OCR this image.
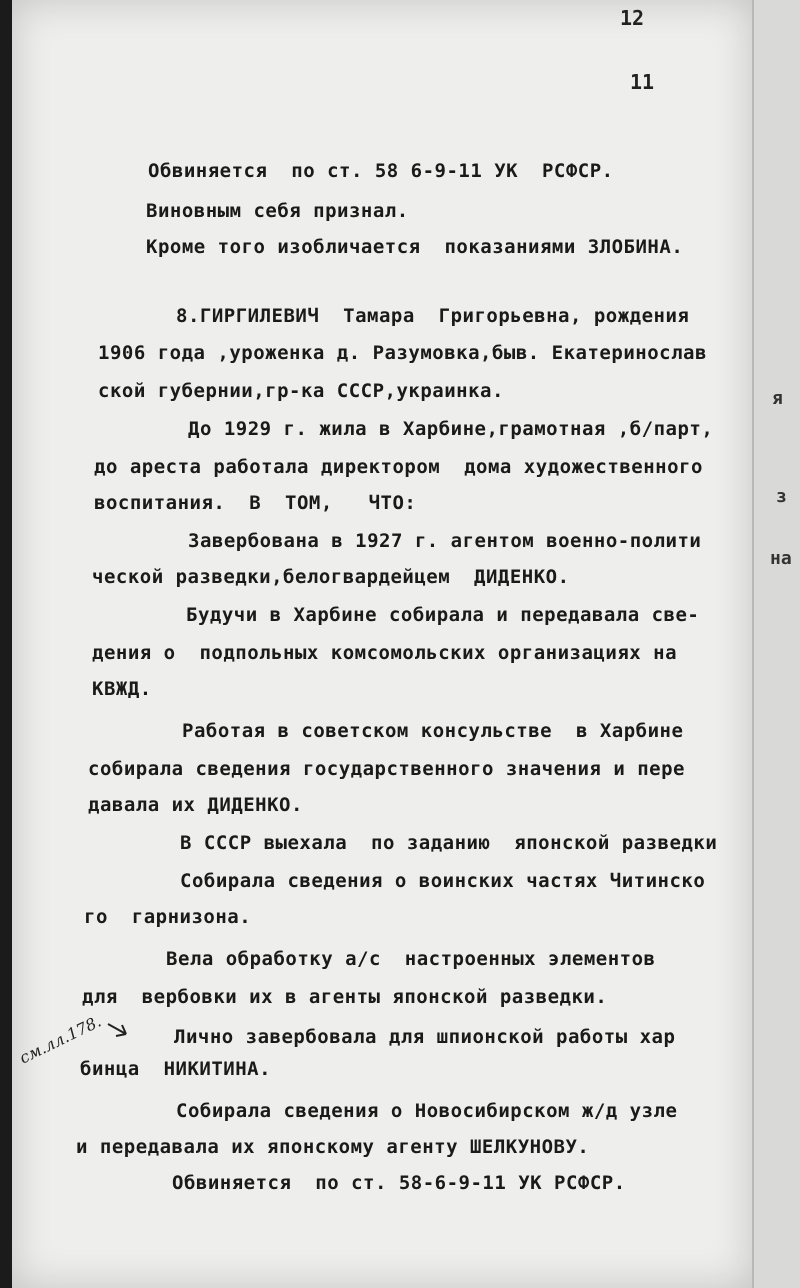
12
11
Обвиняется  по ст. 58 6-9-11 УК  РСФСР.
Виновным себя признал.
Кроме того изобличается  показаниями ЗЛОБИНА.
8.ГИРГИЛЕВИЧ  Тамара  Григорьевна, рождения
1906 года ,уроженка д. Разумовка,быв. Екатеринослав
ской губернии,гр-ка СССР,украинка.
До 1929 г. жила в Харбине,грамотная ,б/парт,
до ареста работала директором  дома художественного
воспитания.  В  ТОМ,   ЧТО:
Завербована в 1927 г. агентом военно-полити
ческой разведки,белогвардейцем  ДИДЕНКО.
Будучи в Харбине собирала и передавала све-
дения о  подпольных комсомольских организациях на
КВЖД.
Работая в советском консульстве  в Харбине
собирала сведения государственного значения и пере
давала их ДИДЕНКО.
В СССР выехала  по заданию  японской разведки
Собирала сведения о воинских частях Читинско
го  гарнизона.
Вела обработку а/с  настроенных элементов
для  вербовки их в агенты японской разведки.
Лично завербовала для шпионской работы хар
бинца  НИКИТИНА.
Собирала сведения о Новосибирском ж/д узле
и передавала их японскому агенту ШЕЛКУНОВУ.
Обвиняется  по ст. 58-6-9-11 УК РСФСР.
см.лл.178.
я
з
на
